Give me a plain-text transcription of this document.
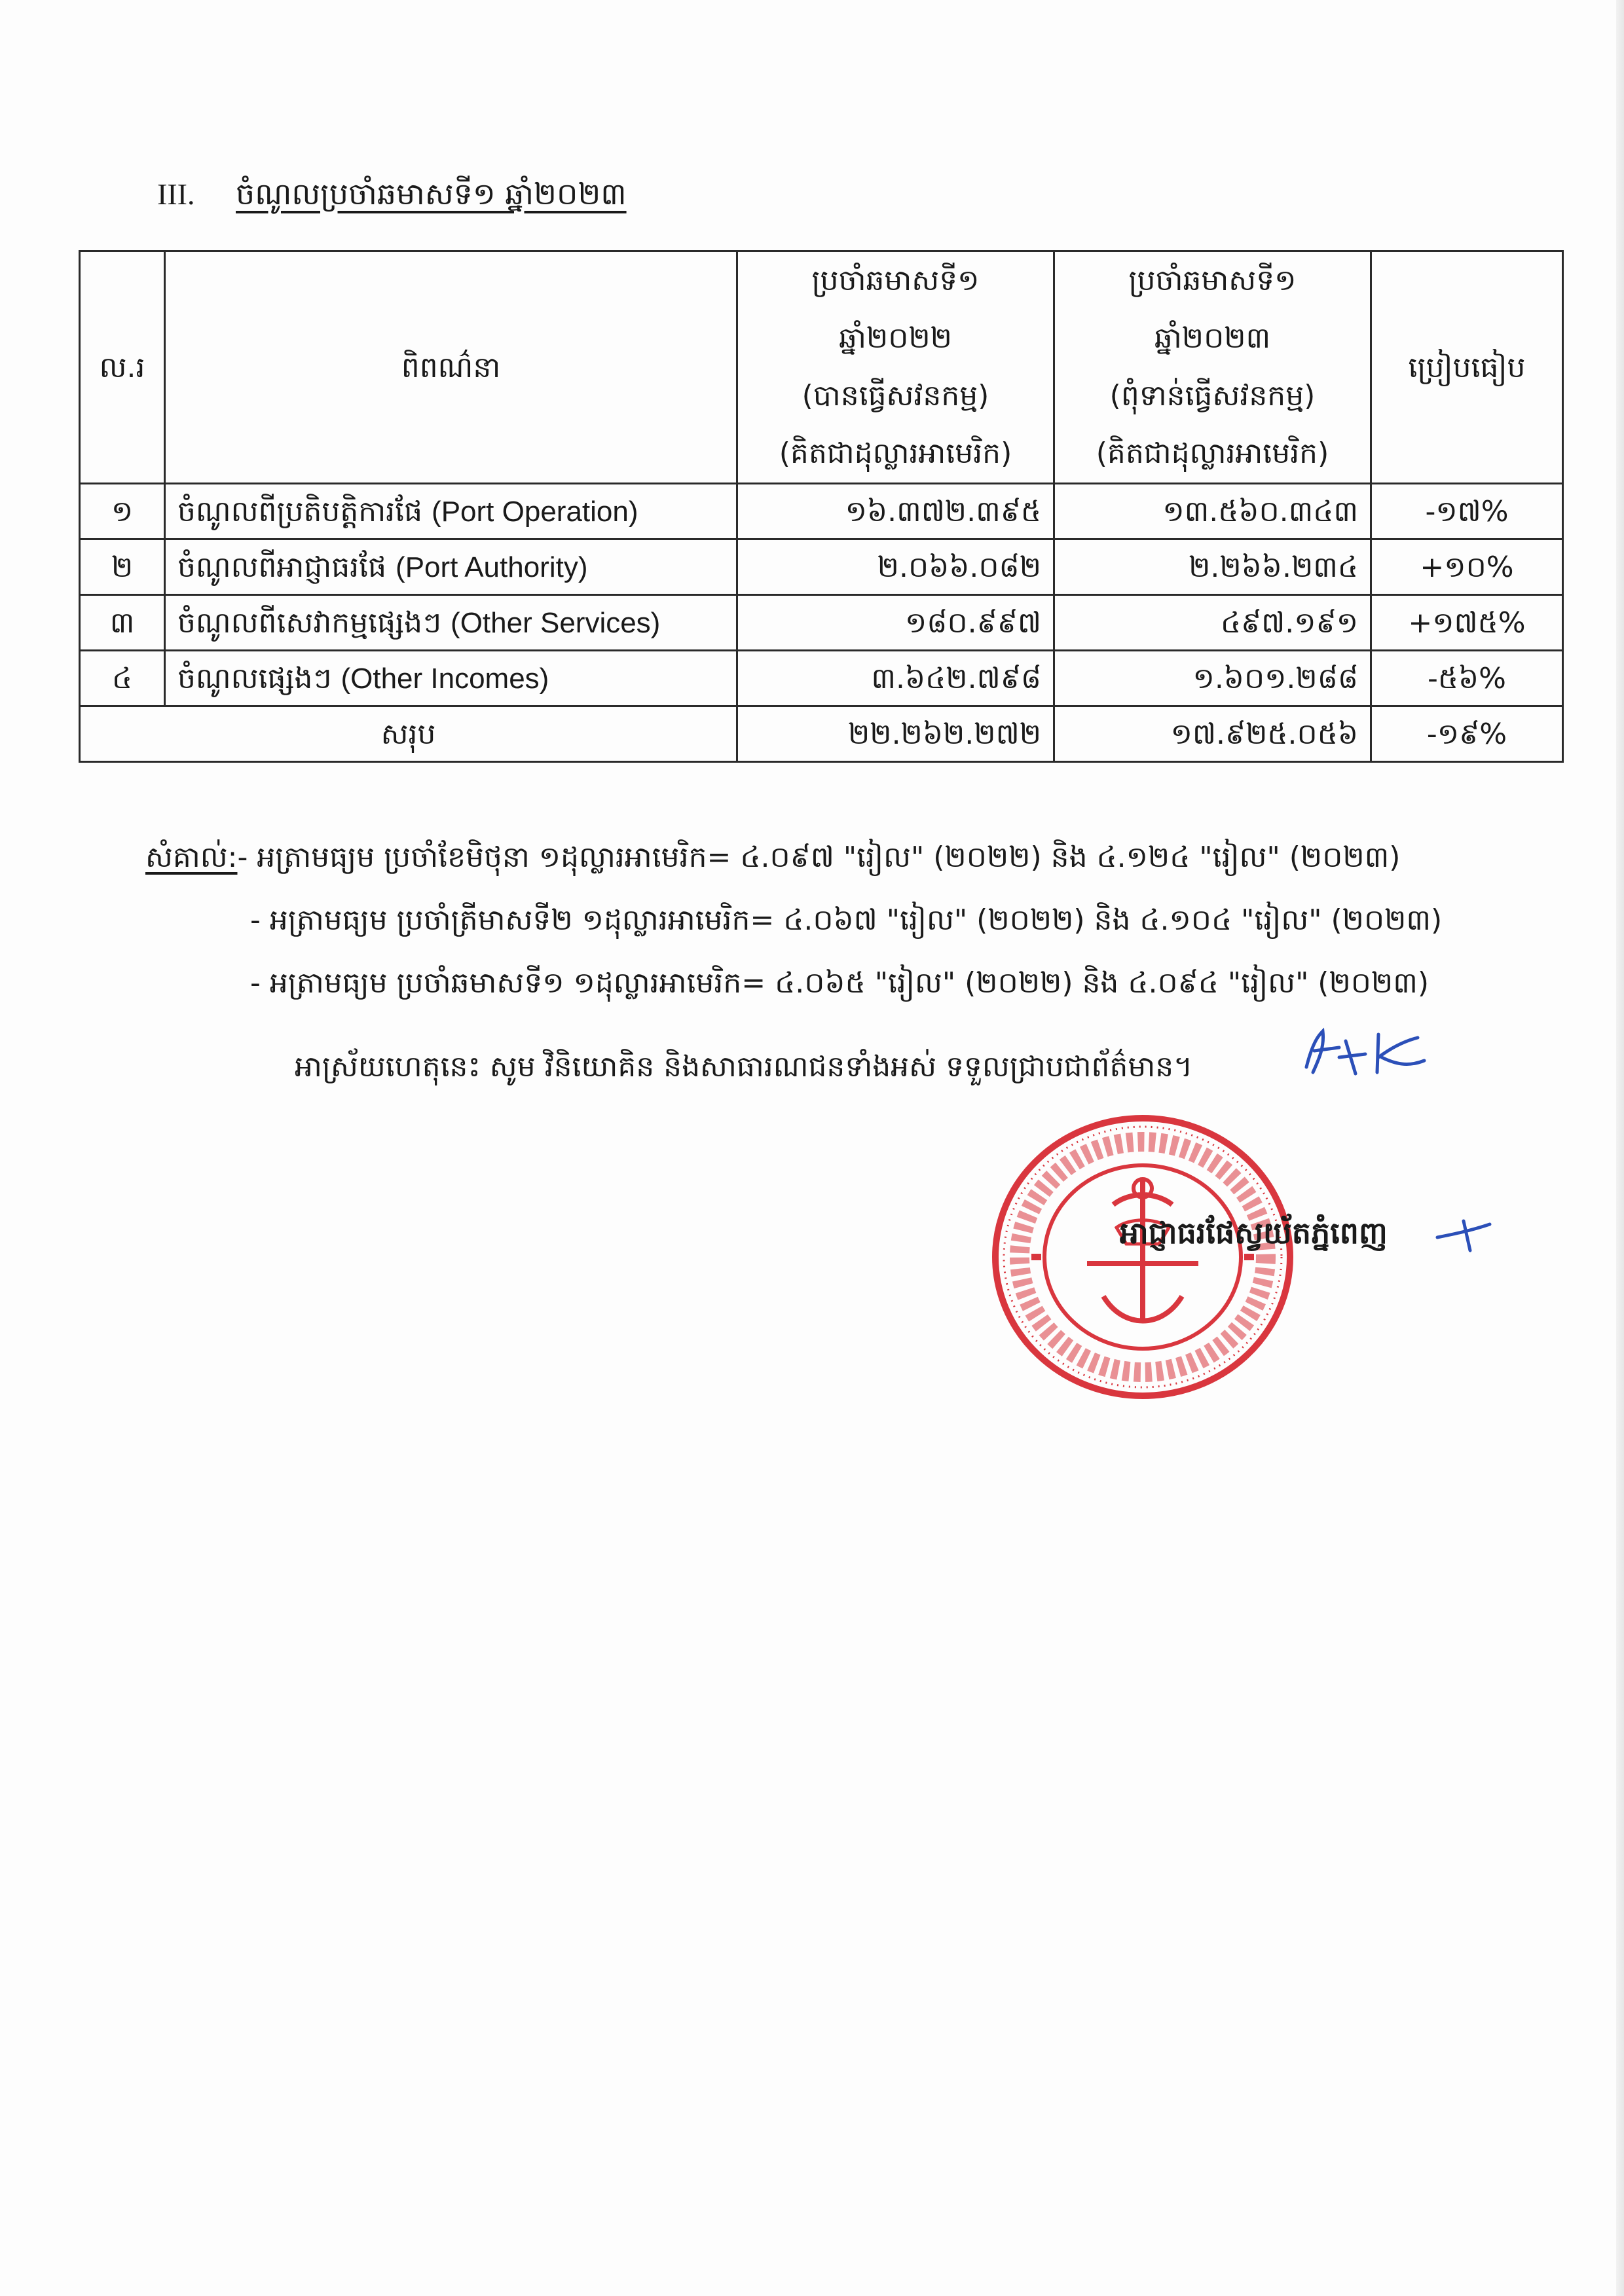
III. ចំណូលប្រចាំឆមាសទី១ ឆ្នាំ២០២៣
ល.រ	ពិពណ៌នា	ប្រចាំឆមាសទី១
ឆ្នាំ២០២២
(បានធ្វើសវនកម្ម)
(គិតជាដុល្លារអាមេរិក)	ប្រចាំឆមាសទី១
ឆ្នាំ២០២៣
(ពុំទាន់ធ្វើសវនកម្ម)
(គិតជាដុល្លារអាមេរិក)	ប្រៀបធៀប
១	ចំណូលពីប្រតិបត្តិការផែ (Port Operation)	១៦.៣៧២.៣៩៥	១៣.៥៦០.៣៤៣	-១៧%
២	ចំណូលពីអាជ្ញាធរផែ (Port Authority)	២.០៦៦.០៨២	២.២៦៦.២៣៤	+១០%
៣	ចំណូលពីសេវាកម្មផ្សេងៗ (Other Services)	១៨០.៩៩៧	៤៩៧.១៩១	+១៧៥%
៤	ចំណូលផ្សេងៗ (Other Incomes)	៣.៦៤២.៧៩៨	១.៦០១.២៨៨	-៥៦%
សរុប		២២.២៦២.២៧២	១៧.៩២៥.០៥៦	-១៩%
សំគាល់:- អត្រាមធ្យម ប្រចាំខែមិថុនា ១ដុល្លារអាមេរិក= ៤.០៩៧ "រៀល" (២០២២) និង ៤.១២៤ "រៀល" (២០២៣)
- អត្រាមធ្យម ប្រចាំត្រីមាសទី២ ១ដុល្លារអាមេរិក= ៤.០៦៧ "រៀល" (២០២២) និង ៤.១០៤ "រៀល" (២០២៣)
- អត្រាមធ្យម ប្រចាំឆមាសទី១ ១ដុល្លារអាមេរិក= ៤.០៦៥ "រៀល" (២០២២) និង ៤.០៩៤ "រៀល" (២០២៣)
អាស្រ័យហេតុនេះ សូម វិនិយោគិន និងសាធារណជនទាំងអស់ ទទួលជ្រាបជាព័ត៌មាន។
អាជ្ញាធរផែស្វយ័តភ្នំពេញ
